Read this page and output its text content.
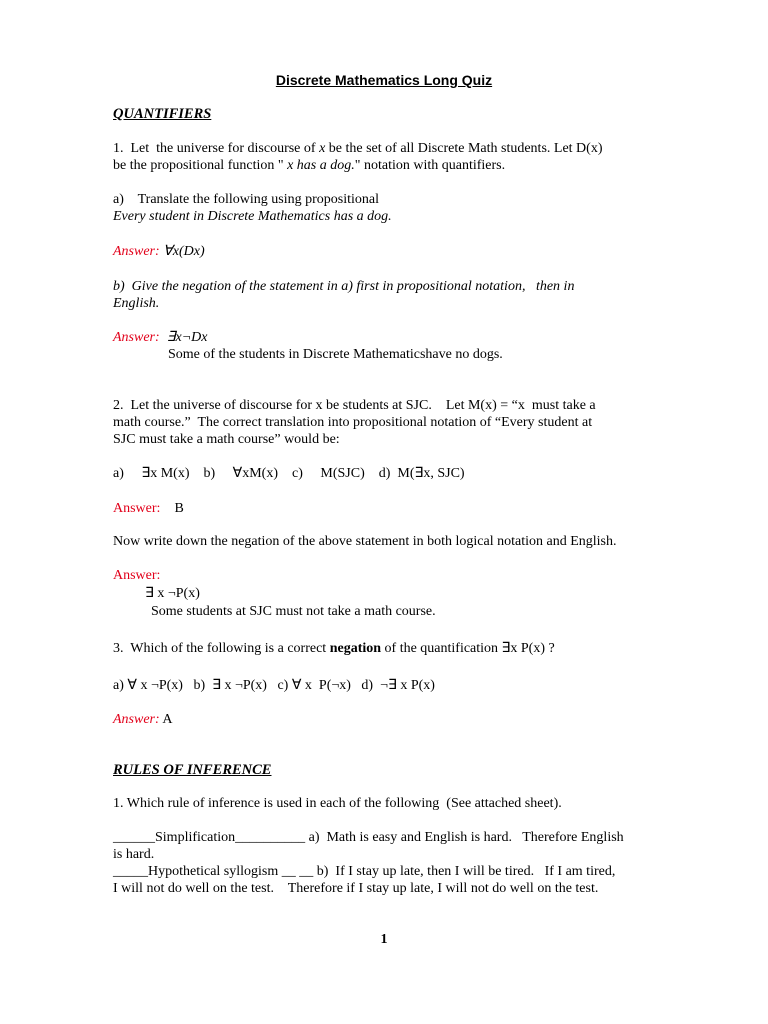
Discrete Mathematics Long Quiz
QUANTIFIERS
1.  Let  the universe for discourse of x be the set of all Discrete Math students. Let D(x)
be the propositional function " x has a dog." notation with quantifiers.
a)    Translate the following using propositional
Every student in Discrete Mathematics has a dog.
Answer: ∀x(Dx)
b)  Give the negation of the statement in a) first in propositional notation,   then in
English.
Answer:  ∃x¬Dx
Some of the students in Discrete Mathematicshave no dogs.
2.  Let the universe of discourse for x be students at SJC.    Let M(x) = “x  must take a
math course.”  The correct translation into propositional notation of “Every student at
SJC must take a math course” would be:
a)     ∃x M(x)    b)     ∀xM(x)    c)     M(SJC)    d)  M(∃x, SJC)
Answer:    B
Now write down the negation of the above statement in both logical notation and English.
Answer:
∃ x ¬P(x)
Some students at SJC must not take a math course.
3.  Which of the following is a correct negation of the quantification ∃x P(x) ?
a) ∀ x ¬P(x)   b)  ∃ x ¬P(x)   c) ∀ x  P(¬x)   d)  ¬∃ x P(x)
Answer: A
RULES OF INFERENCE
1. Which rule of inference is used in each of the following  (See attached sheet).
______Simplification__________ a)  Math is easy and English is hard.   Therefore English
is hard.
_____Hypothetical syllogism __ __ b)  If I stay up late, then I will be tired.   If I am tired,
I will not do well on the test.    Therefore if I stay up late, I will not do well on the test.
1
